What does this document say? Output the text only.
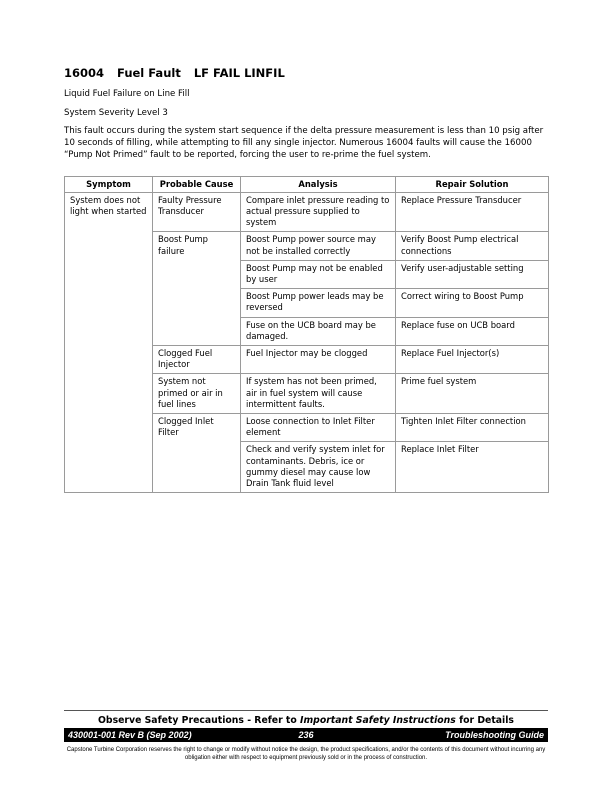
16004 Fuel Fault LF FAIL LINFIL

Liquid Fuel Failure on Line Fill

System Severity Level 3

This fault occurs during the system start sequence if the delta pressure measurement is less than 10 psig after 10 seconds of filling, while attempting to fill any single injector. Numerous 16004 faults will cause the 16000 “Pump Not Primed” fault to be reported, forcing the user to re-prime the fuel system.

Symptom	Probable Cause	Analysis	Repair Solution
System does not light when started	Faulty Pressure Transducer	Compare inlet pressure reading to actual pressure supplied to system	Replace Pressure Transducer
	Boost Pump failure	Boost Pump power source may not be installed correctly	Verify Boost Pump electrical connections
		Boost Pump may not be enabled by user	Verify user-adjustable setting
		Boost Pump power leads may be reversed	Correct wiring to Boost Pump
		Fuse on the UCB board may be damaged.	Replace fuse on UCB board
	Clogged Fuel Injector	Fuel Injector may be clogged	Replace Fuel Injector(s)
	System not primed or air in fuel lines	If system has not been primed, air in fuel system will cause intermittent faults.	Prime fuel system
	Clogged Inlet Filter	Loose connection to Inlet Filter element	Tighten Inlet Filter connection
		Check and verify system inlet for contaminants. Debris, ice or gummy diesel may cause low Drain Tank fluid level	Replace Inlet Filter
Observe Safety Precautions - Refer to Important Safety Instructions for Details
430001-001 Rev B (Sep 2002)	236	Troubleshooting Guide
Capstone Turbine Corporation reserves the right to change or modify without notice the design, the product specifications, and/or the contents of this document without incurring any obligation either with respect to equipment previously sold or in the process of construction.
